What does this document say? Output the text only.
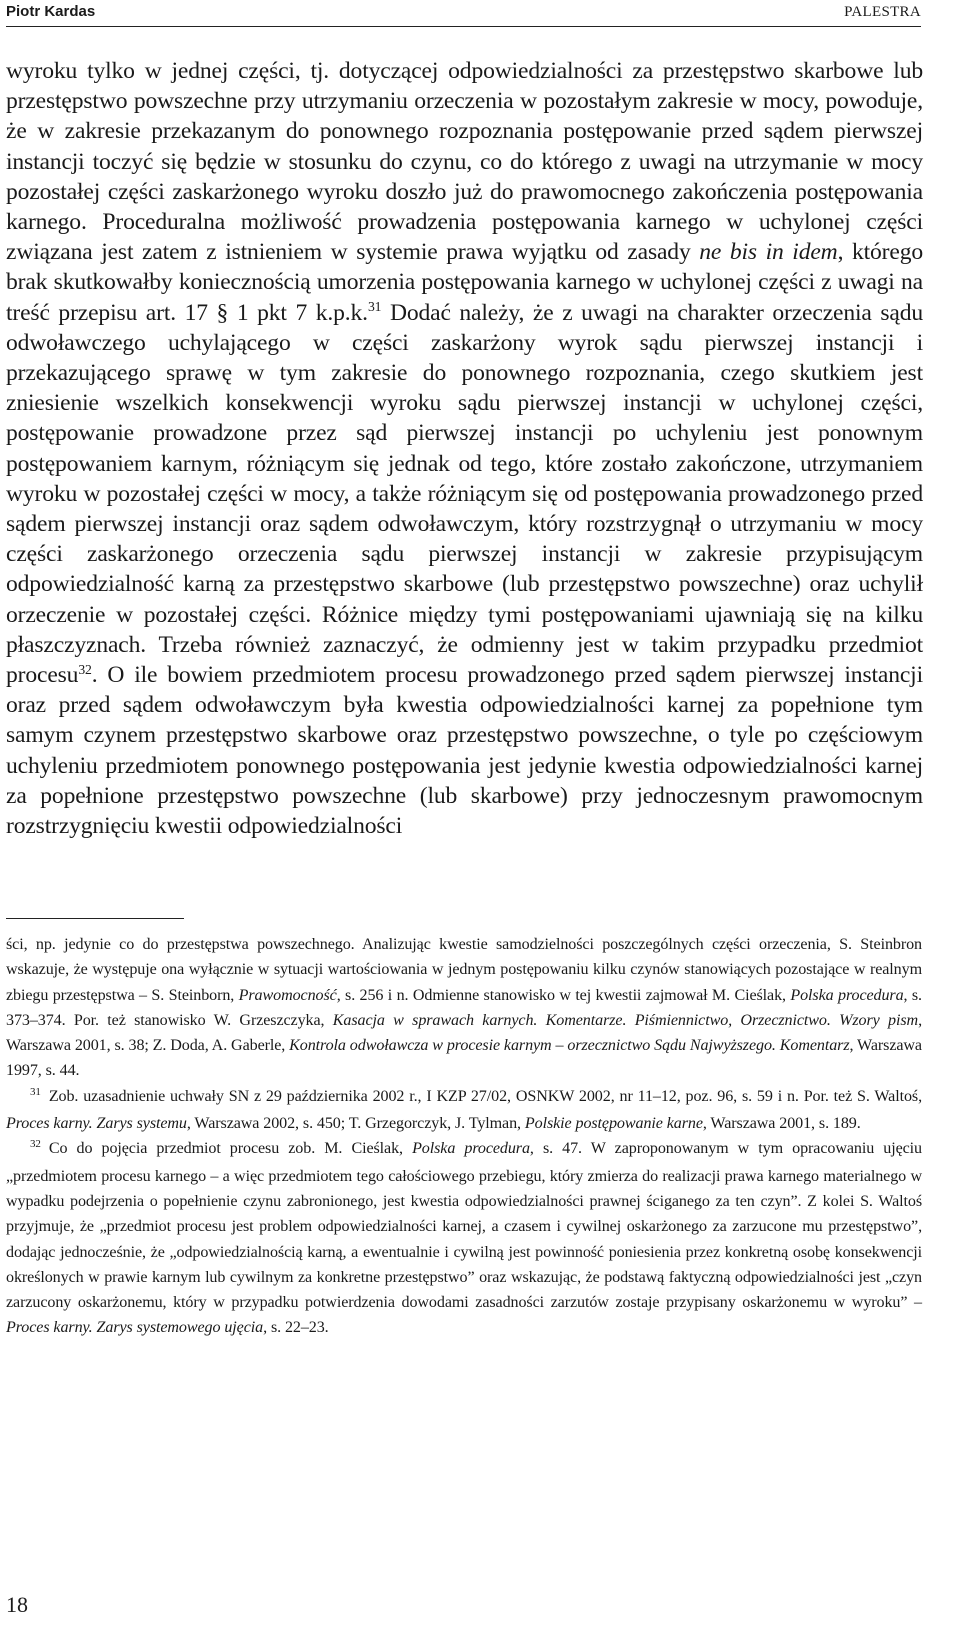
Piotr Kardas	PALESTRA

wyroku tylko w jednej części, tj. dotyczącej odpowiedzialności za przestępstwo skarbowe lub przestępstwo powszechne przy utrzymaniu orzeczenia w pozostałym zakresie w mocy, powoduje, że w zakresie przekazanym do ponownego rozpoznania postępowanie przed sądem pierwszej instancji toczyć się będzie w stosunku do czynu, co do którego z uwagi na utrzymanie w mocy pozostałej części zaskarżonego wyroku doszło już do prawomocnego zakończenia postępowania karnego. Proceduralna możliwość prowadzenia postępowania karnego w uchylonej części związana jest zatem z istnieniem w systemie prawa wyjątku od zasady ne bis in idem, którego brak skutkowałby koniecznością umorzenia postępowania karnego w uchylonej części z uwagi na treść przepisu art. 17 § 1 pkt 7 k.p.k.$^{31}$ Dodać należy, że z uwagi na charakter orzeczenia sądu odwoławczego uchylającego w części zaskarżony wyrok sądu pierwszej instancji i przekazującego sprawę w tym zakresie do ponownego rozpoznania, czego skutkiem jest zniesienie wszelkich konsekwencji wyroku sądu pierwszej instancji w uchylonej części, postępowanie prowadzone przez sąd pierwszej instancji po uchyleniu jest ponownym postępowaniem karnym, różniącym się jednak od tego, które zostało zakończone, utrzymaniem wyroku w pozostałej części w mocy, a także różniącym się od postępowania prowadzonego przed sądem pierwszej instancji oraz sądem odwoławczym, który rozstrzygnął o utrzymaniu w mocy części zaskarżonego orzeczenia sądu pierwszej instancji w zakresie przypisującym odpowiedzialność karną za przestępstwo skarbowe (lub przestępstwo powszechne) oraz uchylił orzeczenie w pozostałej części. Różnice między tymi postępowaniami ujawniają się na kilku płaszczyznach. Trzeba również zaznaczyć, że odmienny jest w takim przypadku przedmiot procesu$^{32}$. O ile bowiem przedmiotem procesu prowadzonego przed sądem pierwszej instancji oraz przed sądem odwoławczym była kwestia odpowiedzialności karnej za popełnione tym samym czynem przestępstwo skarbowe oraz przestępstwo powszechne, o tyle po częściowym uchyleniu przedmiotem ponownego postępowania jest jedynie kwestia odpowiedzialności karnej za popełnione przestępstwo powszechne (lub skarbowe) przy jednoczesnym prawomocnym rozstrzygnięciu kwestii odpowiedzialności

ści, np. jedynie co do przestępstwa powszechnego. Analizując kwestie samodzielności poszczególnych części orzeczenia, S. Steinbron wskazuje, że występuje ona wyłącznie w sytuacji wartościowania w jednym postępowaniu kilku czynów stanowiących pozostające w realnym zbiegu przestępstwa – S. Steinborn, Prawomocność, s. 256 i n. Odmienne stanowisko w tej kwestii zajmował M. Cieślak, Polska procedura, s. 373–374. Por. też stanowisko W. Grzeszczyka, Kasacja w sprawach karnych. Komentarze. Piśmiennictwo, Orzecznictwo. Wzory pism, Warszawa 2001, s. 38; Z. Doda, A. Gaberle, Kontrola odwoławcza w procesie karnym – orzecznictwo Sądu Najwyższego. Komentarz, Warszawa 1997, s. 44.

$^{31}$ Zob. uzasadnienie uchwały SN z 29 października 2002 r., I KZP 27/02, OSNKW 2002, nr 11–12, poz. 96, s. 59 i n. Por. też S. Waltoś, Proces karny. Zarys systemu, Warszawa 2002, s. 450; T. Grzegorczyk, J. Tylman, Polskie postępowanie karne, Warszawa 2001, s. 189.

$^{32}$ Co do pojęcia przedmiot procesu zob. M. Cieślak, Polska procedura, s. 47. W zaproponowanym w tym opracowaniu ujęciu „przedmiotem procesu karnego – a więc przedmiotem tego całościowego przebiegu, który zmierza do realizacji prawa karnego materialnego w wypadku podejrzenia o popełnienie czynu zabronionego, jest kwestia odpowiedzialności prawnej ściganego za ten czyn”. Z kolei S. Waltoś przyjmuje, że „przedmiot procesu jest problem odpowiedzialności karnej, a czasem i cywilnej oskarżonego za zarzucone mu przestępstwo”, dodając jednocześnie, że „odpowiedzialnością karną, a ewentualnie i cywilną jest powinność poniesienia przez konkretną osobę konsekwencji określonych w prawie karnym lub cywilnym za konkretne przestępstwo” oraz wskazując, że podstawą faktyczną odpowiedzialności jest „czyn zarzucony oskarżonemu, który w przypadku potwierdzenia dowodami zasadności zarzutów zostaje przypisany oskarżonemu w wyroku” – Proces karny. Zarys systemowego ujęcia, s. 22–23.

18
